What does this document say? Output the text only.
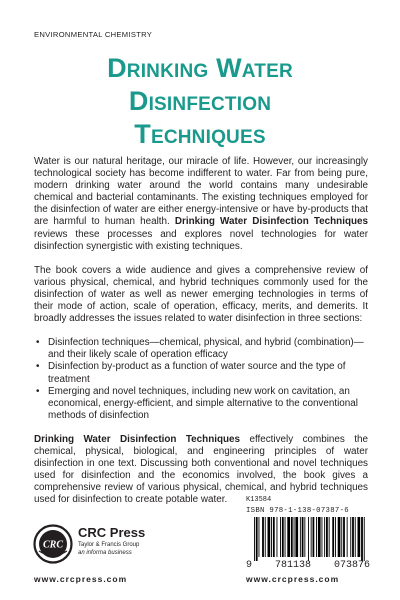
ENVIRONMENTAL CHEMISTRY
Drinking Water
Disinfection
Techniques

Water is our natural heritage, our miracle of life. However, our increasingly technological society has become indifferent to water. Far from being pure, modern drinking water around the world contains many undesirable chemical and bacterial contaminants. The existing techniques employed for the disinfection of water are either energy-intensive or have by-products that are harmful to human health. Drinking Water Disinfection Techniques reviews these processes and explores novel technologies for water disinfection synergistic with existing techniques.

The book covers a wide audience and gives a comprehensive review of various physical, chemical, and hybrid techniques commonly used for the disinfection of water as well as newer emerging technologies in terms of their mode of action, scale of operation, efficacy, merits, and demerits. It broadly addresses the issues related to water disinfection in three sections:

• Disinfection techniques—chemical, physical, and hybrid (combination)—and their likely scale of operation efficacy
• Disinfection by-product as a function of water source and the type of treatment
• Emerging and novel techniques, including new work on cavitation, an economical, energy-efficient, and simple alternative to the conventional methods of disinfection

Drinking Water Disinfection Techniques effectively combines the chemical, physical, biological, and engineering principles of water disinfection in one text. Discussing both conventional and novel techniques used for disinfection and the economics involved, the book gives a comprehensive review of various physical, chemical, and hybrid techniques used for disinfection to create potable water.

CRC
CRC Press
Taylor & Francis Group
an informa business
www.crcpress.com
K13584
ISBN 978-1-138-07387-6
9 781138 073876
www.crcpress.com
